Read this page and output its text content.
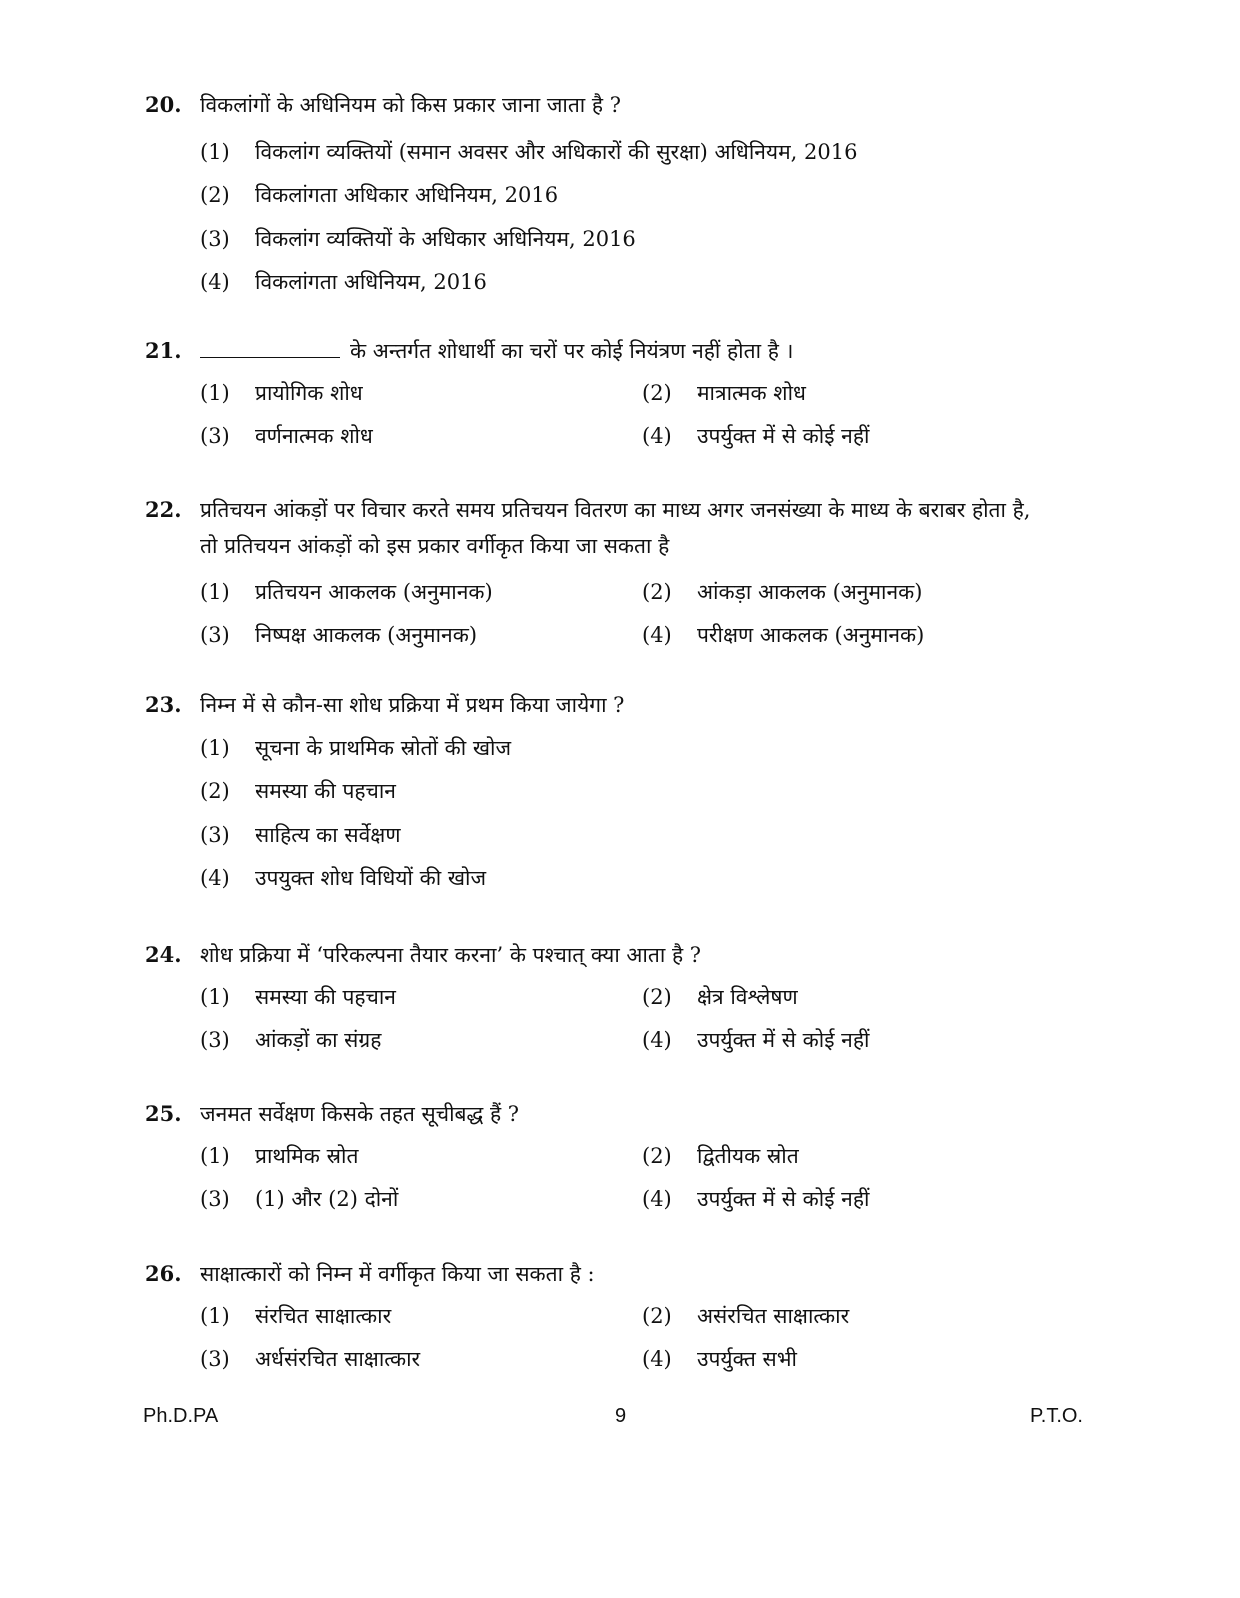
20. विकलांगों के अधिनियम को किस प्रकार जाना जाता है ?
(1)	विकलांग व्यक्तियों (समान अवसर और अधिकारों की सुरक्षा) अधिनियम, 2016
(2)	विकलांगता अधिकार अधिनियम, 2016
(3)	विकलांग व्यक्तियों के अधिकार अधिनियम, 2016
(4)	विकलांगता अधिनियम, 2016
21.	के अन्तर्गत शोधार्थी का चरों पर कोई नियंत्रण नहीं होता है ।
(1)	प्रायोगिक शोध	(2)	मात्रात्मक शोध
(3)	वर्णनात्मक शोध	(4)	उपर्युक्त में से कोई नहीं
22. प्रतिचयन आंकड़ों पर विचार करते समय प्रतिचयन वितरण का माध्य अगर जनसंख्या के माध्य के बराबर होता है, तो प्रतिचयन आंकड़ों को इस प्रकार वर्गीकृत किया जा सकता है
(1)	प्रतिचयन आकलक (अनुमानक)	(2)	आंकड़ा आकलक (अनुमानक)
(3)	निष्पक्ष आकलक (अनुमानक)	(4)	परीक्षण आकलक (अनुमानक)
23. निम्न में से कौन-सा शोध प्रक्रिया में प्रथम किया जायेगा ?
(1)	सूचना के प्राथमिक स्रोतों की खोज
(2)	समस्या की पहचान
(3)	साहित्य का सर्वेक्षण
(4)	उपयुक्त शोध विधियों की खोज
24. शोध प्रक्रिया में ‘परिकल्पना तैयार करना’ के पश्चात् क्या आता है ?
(1)	समस्या की पहचान	(2)	क्षेत्र विश्लेषण
(3)	आंकड़ों का संग्रह	(4)	उपर्युक्त में से कोई नहीं
25. जनमत सर्वेक्षण किसके तहत सूचीबद्ध हैं ?
(1)	प्राथमिक स्रोत	(2)	द्वितीयक स्रोत
(3)	(1) और (2) दोनों	(4)	उपर्युक्त में से कोई नहीं
26. साक्षात्कारों को निम्न में वर्गीकृत किया जा सकता है :
(1)	संरचित साक्षात्कार	(2)	असंरचित साक्षात्कार
(3)	अर्धसंरचित साक्षात्कार	(4)	उपर्युक्त सभी
Ph.D.PA	9	P.T.O.
